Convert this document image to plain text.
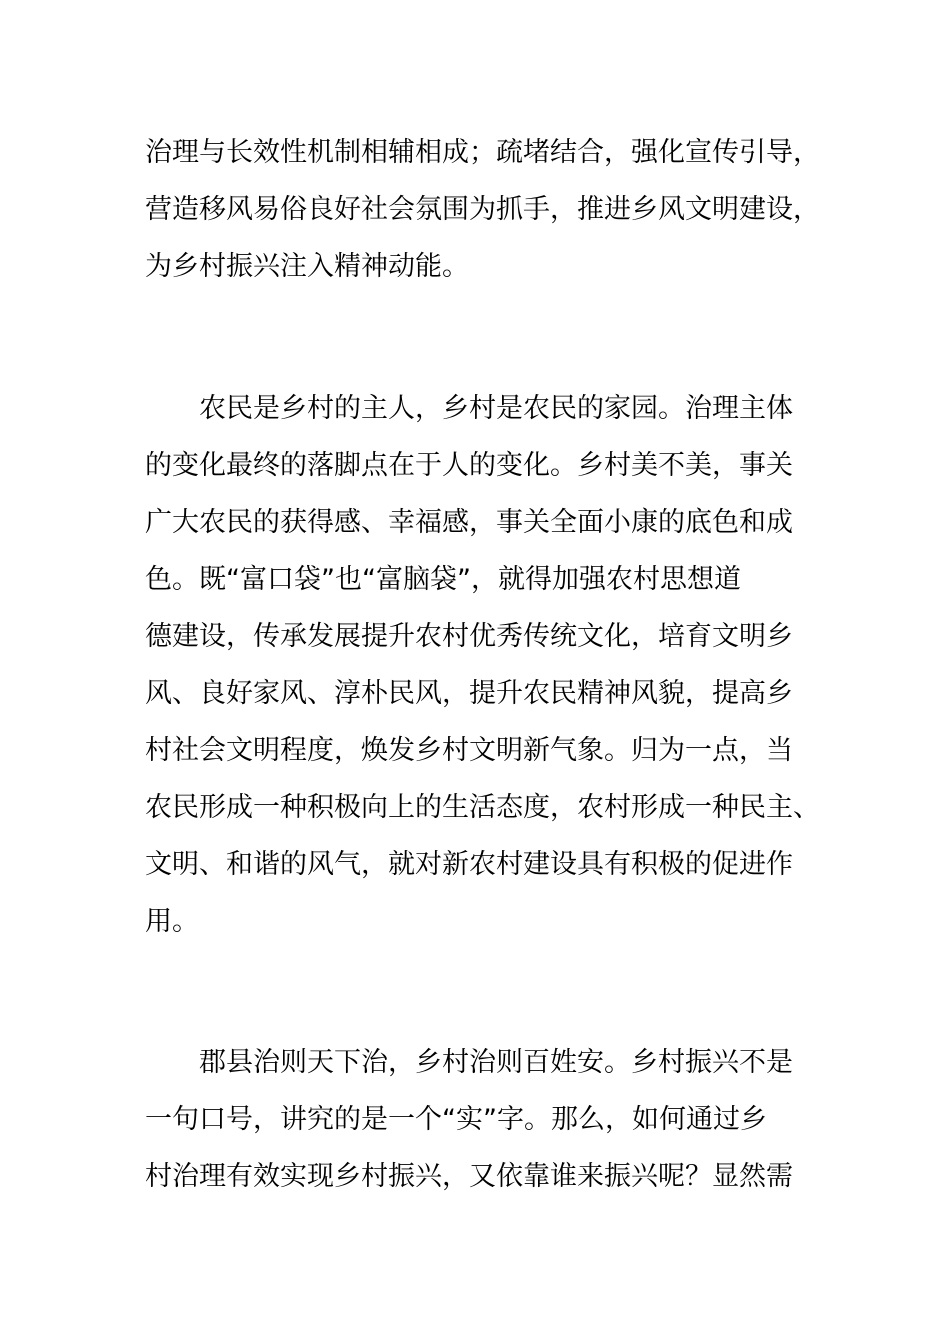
治理与长效性机制相辅相成；疏堵结合，强化宣传引导，
营造移风易俗良好社会氛围为抓手，推进乡风文明建设，
为乡村振兴注入精神动能。
农民是乡村的主人，乡村是农民的家园。治理主体
的变化最终的落脚点在于人的变化。乡村美不美，事关
广大农民的获得感、幸福感，事关全面小康的底色和成
色。既“富口袋”也“富脑袋”，就得加强农村思想道
德建设，传承发展提升农村优秀传统文化，培育文明乡
风、良好家风、淳朴民风，提升农民精神风貌，提高乡
村社会文明程度，焕发乡村文明新气象。归为一点，当
农民形成一种积极向上的生活态度，农村形成一种民主、
文明、和谐的风气，就对新农村建设具有积极的促进作
用。
郡县治则天下治，乡村治则百姓安。乡村振兴不是
一句口号，讲究的是一个“实”字。那么，如何通过乡
村治理有效实现乡村振兴，又依靠谁来振兴呢？显然需
